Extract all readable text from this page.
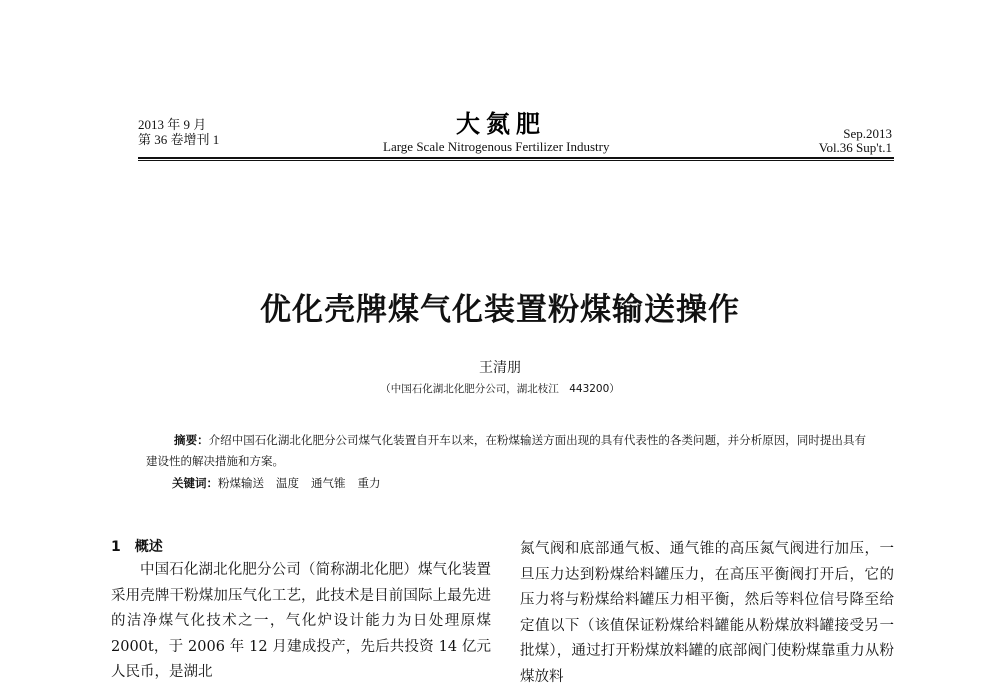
2013 年 9 月
第 36 卷增刊 1
大氮肥
Large Scale Nitrogenous Fertilizer Industry
Sep.2013
Vol.36 Sup't.1
优化壳牌煤气化装置粉煤输送操作
王清朋
（中国石化湖北化肥分公司，湖北枝江　443200）
摘要：介绍中国石化湖北化肥分公司煤气化装置自开车以来，在粉煤输送方面出现的具有代表性的各类问题，并分析原因，同时提出具有建设性的解决措施和方案。
关键词：粉煤输送 温度 通气锥 重力
1　概述

中国石化湖北化肥分公司（简称湖北化肥）煤气化装置采用壳牌干粉煤加压气化工艺，此技术是目前国际上最先进的洁净煤气化技术之一，气化炉设计能力为日处理原煤 2000t，于 2006 年 12 月建成投产，先后共投资 14 亿元人民币，是湖北

氮气阀和底部通气板、通气锥的高压氮气阀进行加压，一旦压力达到粉煤给料罐压力，在高压平衡阀打开后，它的压力将与粉煤给料罐压力相平衡，然后等料位信号降至给定值以下（该值保证粉煤给料罐能从粉煤放料罐接受另一批煤），通过打开粉煤放料罐的底部阀门使粉煤靠重力从粉煤放料
